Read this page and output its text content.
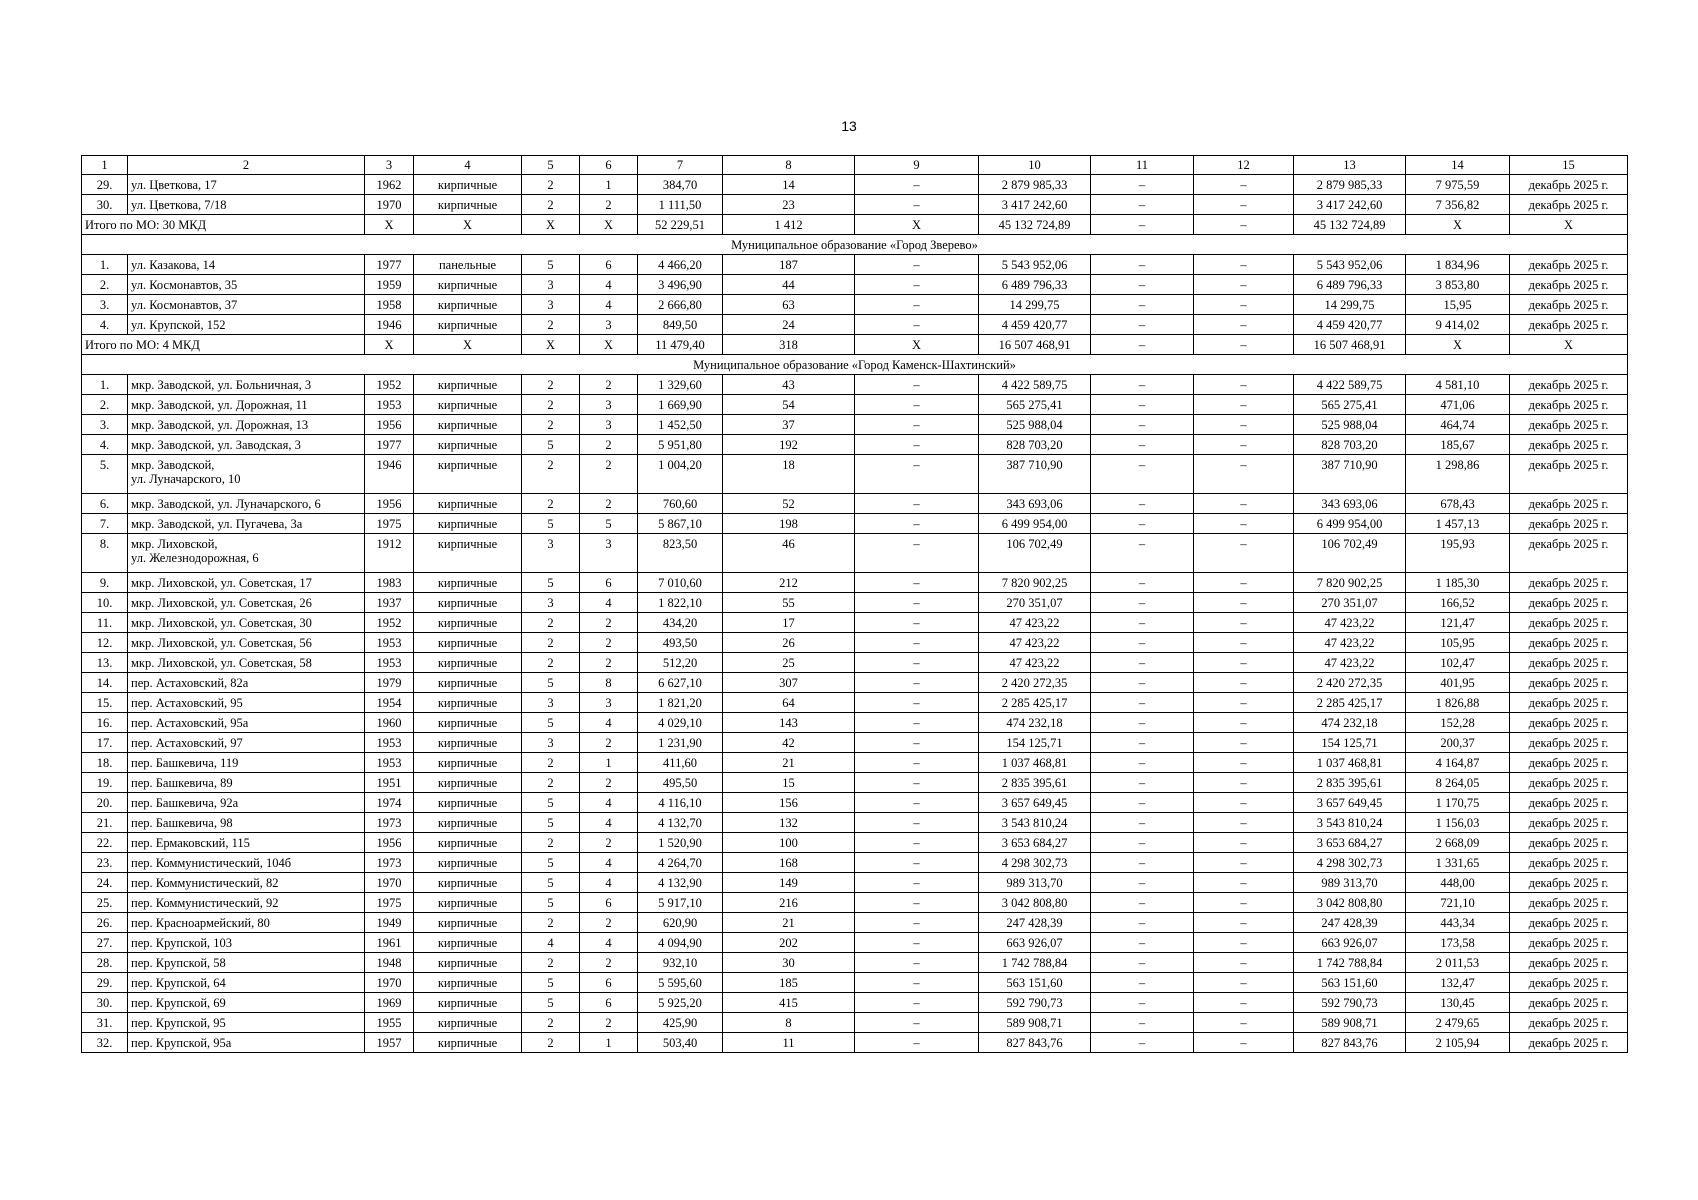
13
1	2	3	4	5	6	7	8	9	10	11	12	13	14	15
29.	ул. Цветкова, 17	1962	кирпичные	2	1	384,70	14	–	2 879 985,33	–	–	2 879 985,33	7 975,59	декабрь 2025 г.
30.	ул. Цветкова, 7/18	1970	кирпичные	2	2	1 111,50	23	–	3 417 242,60	–	–	3 417 242,60	7 356,82	декабрь 2025 г.
Итого по МО: 30 МКД		X	X	X	X	52 229,51	1 412	X	45 132 724,89	–	–	45 132 724,89	X	X
Муниципальное образование «Город Зверево»														
1.	ул. Казакова, 14	1977	панельные	5	6	4 466,20	187	–	5 543 952,06	–	–	5 543 952,06	1 834,96	декабрь 2025 г.
2.	ул. Космонавтов, 35	1959	кирпичные	3	4	3 496,90	44	–	6 489 796,33	–	–	6 489 796,33	3 853,80	декабрь 2025 г.
3.	ул. Космонавтов, 37	1958	кирпичные	3	4	2 666,80	63	–	14 299,75	–	–	14 299,75	15,95	декабрь 2025 г.
4.	ул. Крупской, 152	1946	кирпичные	2	3	849,50	24	–	4 459 420,77	–	–	4 459 420,77	9 414,02	декабрь 2025 г.
Итого по МО: 4 МКД		X	X	X	X	11 479,40	318	X	16 507 468,91	–	–	16 507 468,91	X	X
Муниципальное образование «Город Каменск-Шахтинский»														
1.	мкр. Заводской, ул. Больничная, 3	1952	кирпичные	2	2	1 329,60	43	–	4 422 589,75	–	–	4 422 589,75	4 581,10	декабрь 2025 г.
2.	мкр. Заводской, ул. Дорожная, 11	1953	кирпичные	2	3	1 669,90	54	–	565 275,41	–	–	565 275,41	471,06	декабрь 2025 г.
3.	мкр. Заводской, ул. Дорожная, 13	1956	кирпичные	2	3	1 452,50	37	–	525 988,04	–	–	525 988,04	464,74	декабрь 2025 г.
4.	мкр. Заводской, ул. Заводская, 3	1977	кирпичные	5	2	5 951,80	192	–	828 703,20	–	–	828 703,20	185,67	декабрь 2025 г.
5.	мкр. Заводской,
ул. Луначарского, 10	1946	кирпичные	2	2	1 004,20	18	–	387 710,90	–	–	387 710,90	1 298,86	декабрь 2025 г.
6.	мкр. Заводской, ул. Луначарского, 6	1956	кирпичные	2	2	760,60	52	–	343 693,06	–	–	343 693,06	678,43	декабрь 2025 г.
7.	мкр. Заводской, ул. Пугачева, 3а	1975	кирпичные	5	5	5 867,10	198	–	6 499 954,00	–	–	6 499 954,00	1 457,13	декабрь 2025 г.
8.	мкр. Лиховской,
ул. Железнодорожная, 6	1912	кирпичные	3	3	823,50	46	–	106 702,49	–	–	106 702,49	195,93	декабрь 2025 г.
9.	мкр. Лиховской, ул. Советская, 17	1983	кирпичные	5	6	7 010,60	212	–	7 820 902,25	–	–	7 820 902,25	1 185,30	декабрь 2025 г.
10.	мкр. Лиховской, ул. Советская, 26	1937	кирпичные	3	4	1 822,10	55	–	270 351,07	–	–	270 351,07	166,52	декабрь 2025 г.
11.	мкр. Лиховской, ул. Советская, 30	1952	кирпичные	2	2	434,20	17	–	47 423,22	–	–	47 423,22	121,47	декабрь 2025 г.
12.	мкр. Лиховской, ул. Советская, 56	1953	кирпичные	2	2	493,50	26	–	47 423,22	–	–	47 423,22	105,95	декабрь 2025 г.
13.	мкр. Лиховской, ул. Советская, 58	1953	кирпичные	2	2	512,20	25	–	47 423,22	–	–	47 423,22	102,47	декабрь 2025 г.
14.	пер. Астаховский, 82а	1979	кирпичные	5	8	6 627,10	307	–	2 420 272,35	–	–	2 420 272,35	401,95	декабрь 2025 г.
15.	пер. Астаховский, 95	1954	кирпичные	3	3	1 821,20	64	–	2 285 425,17	–	–	2 285 425,17	1 826,88	декабрь 2025 г.
16.	пер. Астаховский, 95а	1960	кирпичные	5	4	4 029,10	143	–	474 232,18	–	–	474 232,18	152,28	декабрь 2025 г.
17.	пер. Астаховский, 97	1953	кирпичные	3	2	1 231,90	42	–	154 125,71	–	–	154 125,71	200,37	декабрь 2025 г.
18.	пер. Башкевича, 119	1953	кирпичные	2	1	411,60	21	–	1 037 468,81	–	–	1 037 468,81	4 164,87	декабрь 2025 г.
19.	пер. Башкевича, 89	1951	кирпичные	2	2	495,50	15	–	2 835 395,61	–	–	2 835 395,61	8 264,05	декабрь 2025 г.
20.	пер. Башкевича, 92а	1974	кирпичные	5	4	4 116,10	156	–	3 657 649,45	–	–	3 657 649,45	1 170,75	декабрь 2025 г.
21.	пер. Башкевича, 98	1973	кирпичные	5	4	4 132,70	132	–	3 543 810,24	–	–	3 543 810,24	1 156,03	декабрь 2025 г.
22.	пер. Ермаковский, 115	1956	кирпичные	2	2	1 520,90	100	–	3 653 684,27	–	–	3 653 684,27	2 668,09	декабрь 2025 г.
23.	пер. Коммунистический, 104б	1973	кирпичные	5	4	4 264,70	168	–	4 298 302,73	–	–	4 298 302,73	1 331,65	декабрь 2025 г.
24.	пер. Коммунистический, 82	1970	кирпичные	5	4	4 132,90	149	–	989 313,70	–	–	989 313,70	448,00	декабрь 2025 г.
25.	пер. Коммунистический, 92	1975	кирпичные	5	6	5 917,10	216	–	3 042 808,80	–	–	3 042 808,80	721,10	декабрь 2025 г.
26.	пер. Красноармейский, 80	1949	кирпичные	2	2	620,90	21	–	247 428,39	–	–	247 428,39	443,34	декабрь 2025 г.
27.	пер. Крупской, 103	1961	кирпичные	4	4	4 094,90	202	–	663 926,07	–	–	663 926,07	173,58	декабрь 2025 г.
28.	пер. Крупской, 58	1948	кирпичные	2	2	932,10	30	–	1 742 788,84	–	–	1 742 788,84	2 011,53	декабрь 2025 г.
29.	пер. Крупской, 64	1970	кирпичные	5	6	5 595,60	185	–	563 151,60	–	–	563 151,60	132,47	декабрь 2025 г.
30.	пер. Крупской, 69	1969	кирпичные	5	6	5 925,20	415	–	592 790,73	–	–	592 790,73	130,45	декабрь 2025 г.
31.	пер. Крупской, 95	1955	кирпичные	2	2	425,90	8	–	589 908,71	–	–	589 908,71	2 479,65	декабрь 2025 г.
32.	пер. Крупской, 95а	1957	кирпичные	2	1	503,40	11	–	827 843,76	–	–	827 843,76	2 105,94	декабрь 2025 г.
